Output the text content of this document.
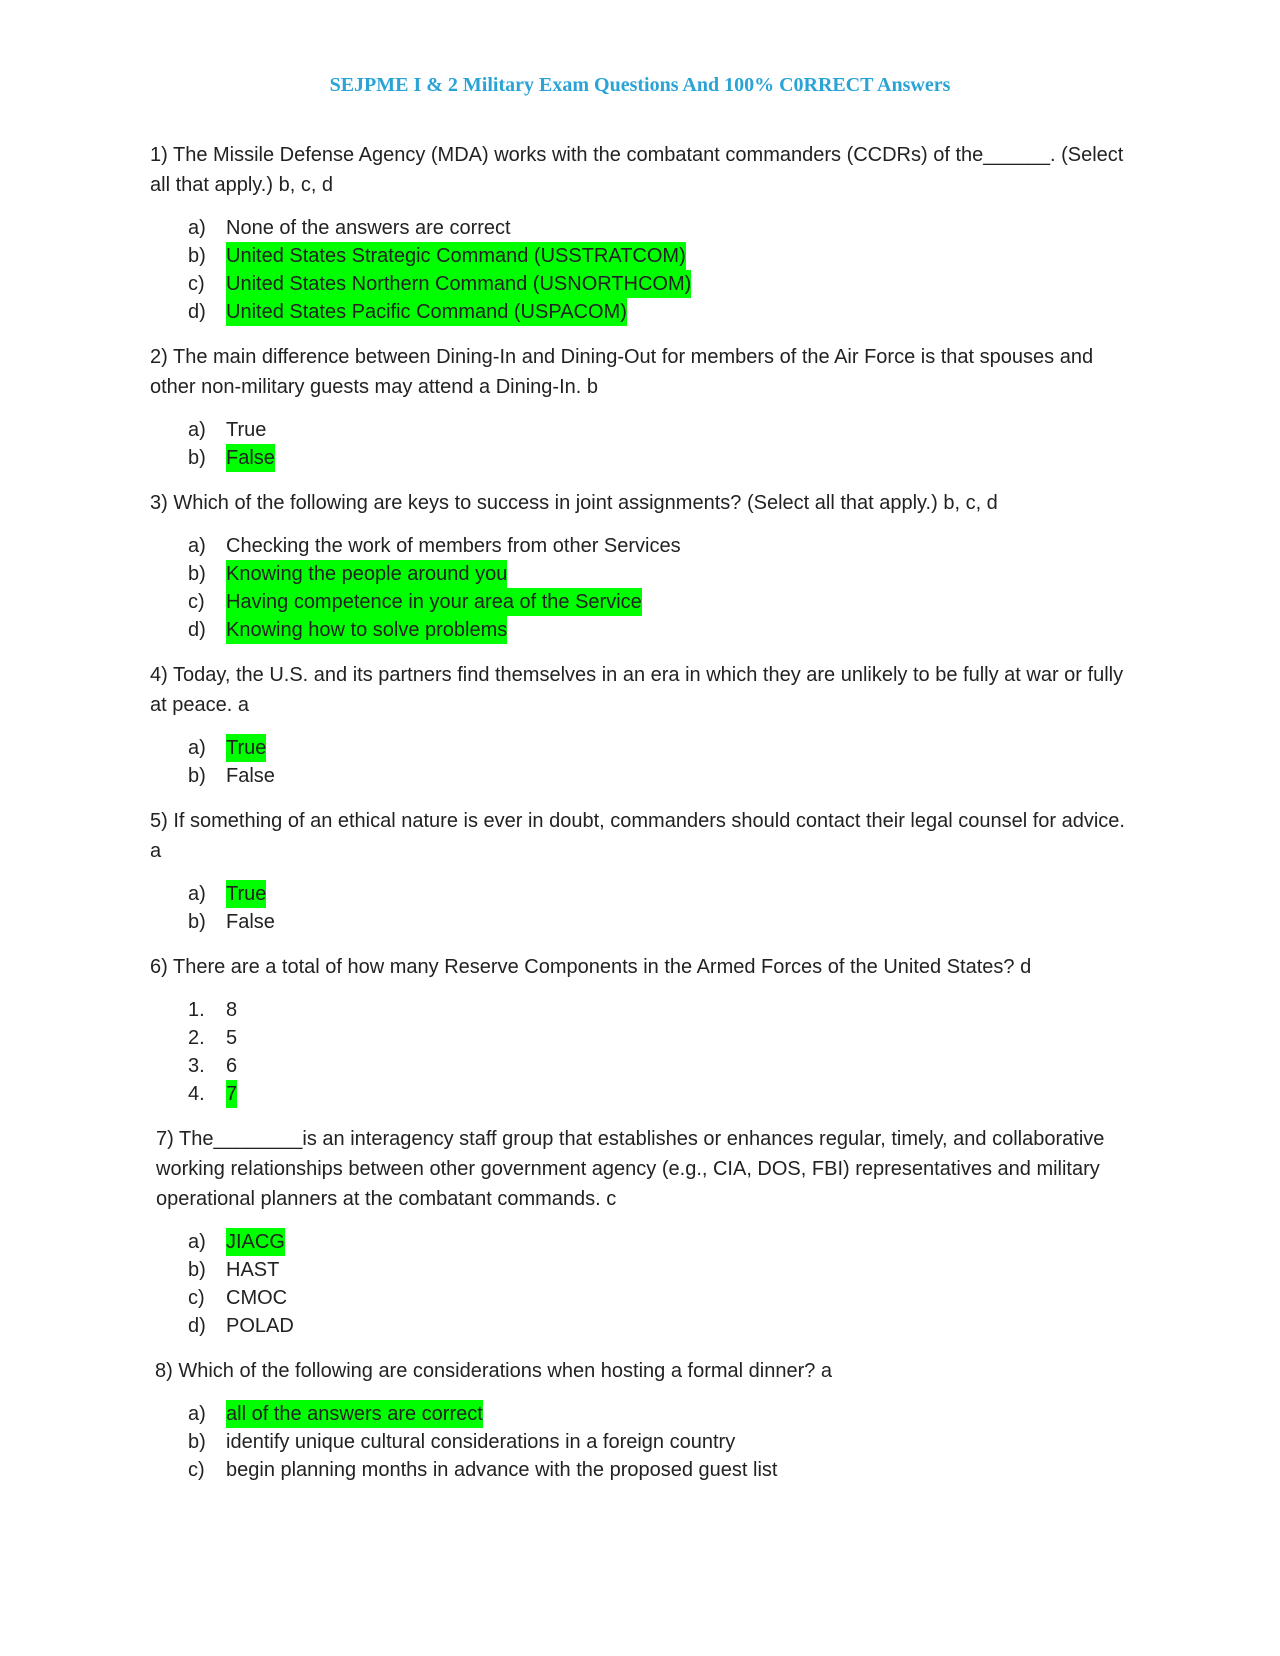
SEJPME I & 2 Military Exam Questions And 100% C0RRECT Answers

1) The Missile Defense Agency (MDA) works with the combatant commanders (CCDRs) of the______. (Select all that apply.) b, c, d

a)	None of the answers are correct
b)	United States Strategic Command (USSTRATCOM)
c)	United States Northern Command (USNORTHCOM)
d)	United States Pacific Command (USPACOM)

2) The main difference between Dining-In and Dining-Out for members of the Air Force is that spouses and other non-military guests may attend a Dining-In. b

a)	True
b)	False

3) Which of the following are keys to success in joint assignments? (Select all that apply.) b, c, d

a)	Checking the work of members from other Services
b)	Knowing the people around you
c)	Having competence in your area of the Service
d)	Knowing how to solve problems

4) Today, the U.S. and its partners find themselves in an era in which they are unlikely to be fully at war or fully at peace. a

a)	True
b)	False

5) If something of an ethical nature is ever in doubt, commanders should contact their legal counsel for advice. a

a)	True
b)	False

6) There are a total of how many Reserve Components in the Armed Forces of the United States? d

1.	8
2.	5
3.	6
4.	7

7) The________is an interagency staff group that establishes or enhances regular, timely, and collaborative working relationships between other government agency (e.g., CIA, DOS, FBI) representatives and military operational planners at the combatant commands. c

a)	JIACG
b)	HAST
c)	CMOC
d)	POLAD

8) Which of the following are considerations when hosting a formal dinner? a

a)	all of the answers are correct
b)	identify unique cultural considerations in a foreign country
c)	begin planning months in advance with the proposed guest list
